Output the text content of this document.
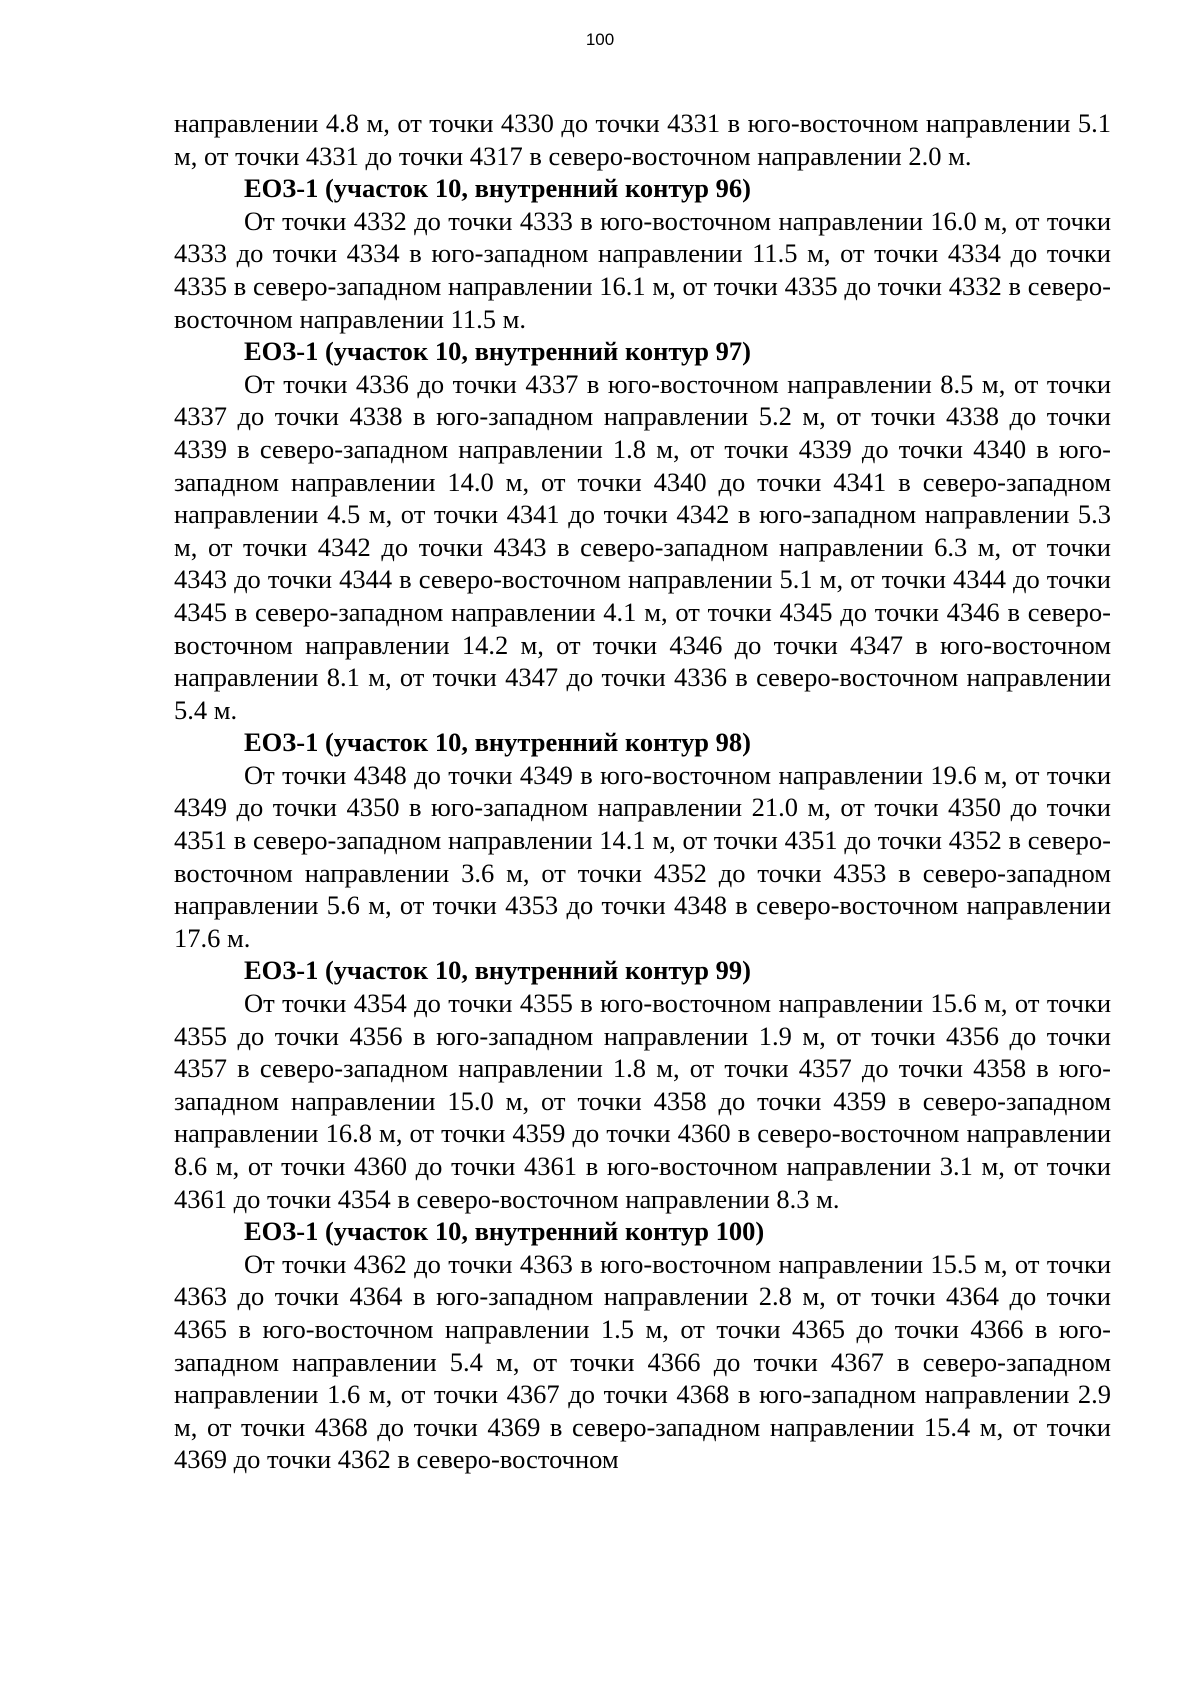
100

направлении 4.8 м, от точки 4330 до точки 4331 в юго-восточном направлении 5.1 м, от точки 4331 до точки 4317 в северо-восточном направлении 2.0 м.

ЕОЗ-1 (участок 10, внутренний контур 96)

От точки 4332 до точки 4333 в юго-восточном направлении 16.0 м, от точки 4333 до точки 4334 в юго-западном направлении 11.5 м, от точки 4334 до точки 4335 в северо-западном направлении 16.1 м, от точки 4335 до точки 4332 в северо-восточном направлении 11.5 м.

ЕОЗ-1 (участок 10, внутренний контур 97)

От точки 4336 до точки 4337 в юго-восточном направлении 8.5 м, от точки 4337 до точки 4338 в юго-западном направлении 5.2 м, от точки 4338 до точки 4339 в северо-западном направлении 1.8 м, от точки 4339 до точки 4340 в юго-западном направлении 14.0 м, от точки 4340 до точки 4341 в северо-западном направлении 4.5 м, от точки 4341 до точки 4342 в юго-западном направлении 5.3 м, от точки 4342 до точки 4343 в северо-западном направлении 6.3 м, от точки 4343 до точки 4344 в северо-восточном направлении 5.1 м, от точки 4344 до точки 4345 в северо-западном направлении 4.1 м, от точки 4345 до точки 4346 в северо-восточном направлении 14.2 м, от точки 4346 до точки 4347 в юго-восточном направлении 8.1 м, от точки 4347 до точки 4336 в северо-восточном направлении 5.4 м.

ЕОЗ-1 (участок 10, внутренний контур 98)

От точки 4348 до точки 4349 в юго-восточном направлении 19.6 м, от точки 4349 до точки 4350 в юго-западном направлении 21.0 м, от точки 4350 до точки 4351 в северо-западном направлении 14.1 м, от точки 4351 до точки 4352 в северо-восточном направлении 3.6 м, от точки 4352 до точки 4353 в северо-западном направлении 5.6 м, от точки 4353 до точки 4348 в северо-восточном направлении 17.6 м.

ЕОЗ-1 (участок 10, внутренний контур 99)

От точки 4354 до точки 4355 в юго-восточном направлении 15.6 м, от точки 4355 до точки 4356 в юго-западном направлении 1.9 м, от точки 4356 до точки 4357 в северо-западном направлении 1.8 м, от точки 4357 до точки 4358 в юго-западном направлении 15.0 м, от точки 4358 до точки 4359 в северо-западном направлении 16.8 м, от точки 4359 до точки 4360 в северо-восточном направлении 8.6 м, от точки 4360 до точки 4361 в юго-восточном направлении 3.1 м, от точки 4361 до точки 4354 в северо-восточном направлении 8.3 м.

ЕОЗ-1 (участок 10, внутренний контур 100)

От точки 4362 до точки 4363 в юго-восточном направлении 15.5 м, от точки 4363 до точки 4364 в юго-западном направлении 2.8 м, от точки 4364 до точки 4365 в юго-восточном направлении 1.5 м, от точки 4365 до точки 4366 в юго-западном направлении 5.4 м, от точки 4366 до точки 4367 в северо-западном направлении 1.6 м, от точки 4367 до точки 4368 в юго-западном направлении 2.9 м, от точки 4368 до точки 4369 в северо-западном направлении 15.4 м, от точки 4369 до точки 4362 в северо-восточном
